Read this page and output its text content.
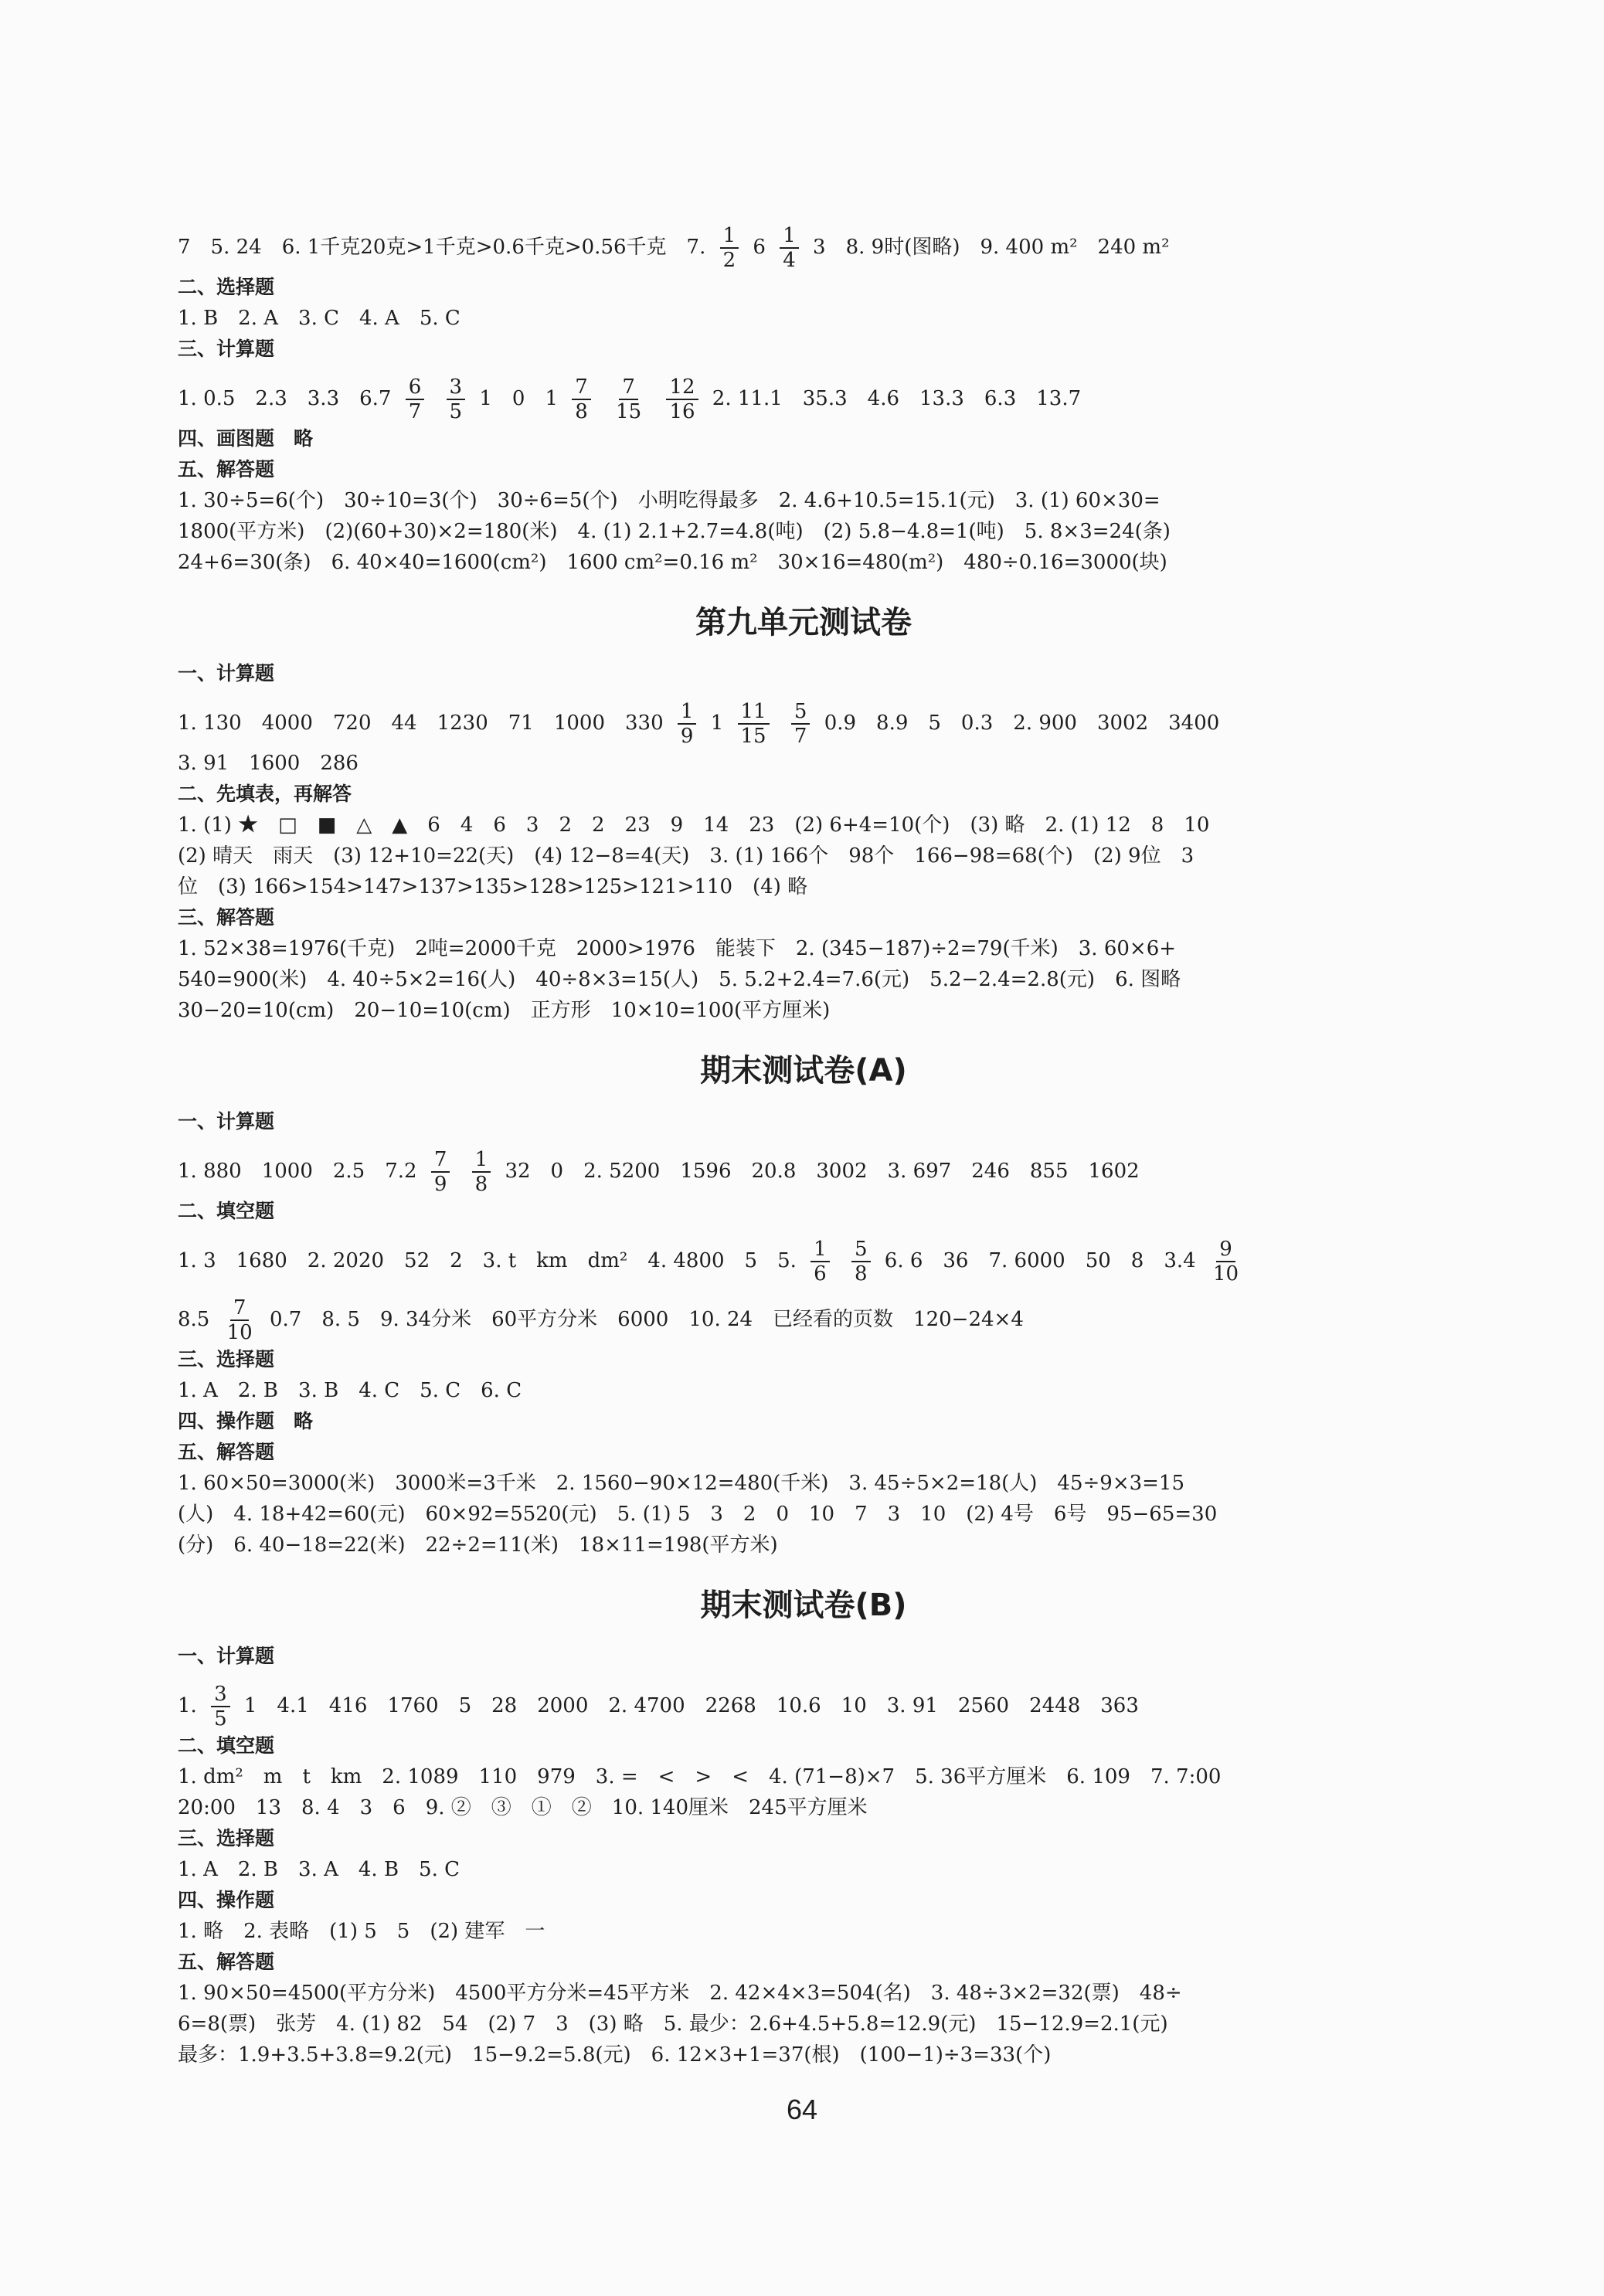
7　5. 24　6. 1千克20克>1千克>0.6千克>0.56千克　7. $\frac{1}{2} 6 \frac{1}{4} 3$　8. 9时(图略)　9. 400 m²　240 m²
二、选择题
1. B　2. A　3. C　4. A　5. C
三、计算题
1. 0.5　2.3　3.3　$6.7 \frac{6}{7}$
$\frac{3}{5} 1$　0　$1 \frac{7}{8}$
$\frac{7}{15}$
$\frac{12}{16} 2$. 11.1　35.3　4.6　13.3　6.3　13.7
四、画图题　略
五、解答题
1. 30÷5=6(个)　30÷10=3(个)　30÷6=5(个)　小明吃得最多　2. 4.6+10.5=15.1(元)　3. (1) 60×30=
1800(平方米)　(2)(60+30)×2=180(米)　4. (1) 2.1+2.7=4.8(吨)　(2) 5.8−4.8=1(吨)　5. 8×3=24(条)
24+6=30(条)　6. 40×40=1600(cm²)　1600 cm²=0.16 m²　30×16=480(m²)　480÷0.16=3000(块)
第九单元测试卷
一、计算题
1. 130　4000　720　44　1230　71　1000　$330 \frac{1}{9} 1 \frac{11}{15}$
$\frac{5}{7} 0.9$　8.9　5　0.3　2. 900　3002　3400
3. 91　1600　286
二、先填表，再解答
1. (1) ★　□　■　△　▲　6　4　6　3　2　2　23　9　14　23　(2) 6+4=10(个)　(3) 略　2. (1) 12　8　10
(2) 晴天　雨天　(3) 12+10=22(天)　(4) 12−8=4(天)　3. (1) 166个　98个　166−98=68(个)　(2) 9位　3
位　(3) 166>154>147>137>135>128>125>121>110　(4) 略
三、解答题
1. 52×38=1976(千克)　2吨=2000千克　2000>1976　能装下　2. (345−187)÷2=79(千米)　3. 60×6+
540=900(米)　4. 40÷5×2=16(人)　40÷8×3=15(人)　5. 5.2+2.4=7.6(元)　5.2−2.4=2.8(元)　6. 图略
30−20=10(cm)　20−10=10(cm)　正方形　10×10=100(平方厘米)
期末测试卷(A)
一、计算题
1. 880　1000　2.5　$7.2 \frac{7}{9}$
$\frac{1}{8} 32$　0　2. 5200　1596　20.8　3002　3. 697　246　855　1602
二、填空题
1. 3　1680　2. 2020　52　2　3. t　km　dm²　4. 4800　5　5. $\frac{1}{6}$
$\frac{5}{8} 6$. 6　36　7. 6000　50　8　$3.4 \frac{9}{10}$
$8.5 \frac{7}{10} 0.7$　8. 5　9. 34分米　60平方分米　6000　10. 24　已经看的页数　120−24×4
三、选择题
1. A　2. B　3. B　4. C　5. C　6. C
四、操作题　略
五、解答题
1. 60×50=3000(米)　3000米=3千米　2. 1560−90×12=480(千米)　3. 45÷5×2=18(人)　45÷9×3=15
(人)　4. 18+42=60(元)　60×92=5520(元)　5. (1) 5　3　2　0　10　7　3　10　(2) 4号　6号　95−65=30
(分)　6. 40−18=22(米)　22÷2=11(米)　18×11=198(平方米)
期末测试卷(B)
一、计算题
1. $\frac{3}{5} 1$　4.1　416　1760　5　28　2000　2. 4700　2268　10.6　10　3. 91　2560　2448　363
二、填空题
1. dm²　m　t　km　2. 1089　110　979　3. =　<　>　<　4. (71−8)×7　5. 36平方厘米　6. 109　7. 7:00
20:00　13　8. 4　3　6　9. ②　③　①　②　10. 140厘米　245平方厘米
三、选择题
1. A　2. B　3. A　4. B　5. C
四、操作题
1. 略　2. 表略　(1) 5　5　(2) 建军　一
五、解答题
1. 90×50=4500(平方分米)　4500平方分米=45平方米　2. 42×4×3=504(名)　3. 48÷3×2=32(票)　48÷
6=8(票)　张芳　4. (1) 82　54　(2) 7　3　(3) 略　5. 最少：2.6+4.5+5.8=12.9(元)　15−12.9=2.1(元)
最多：1.9+3.5+3.8=9.2(元)　15−9.2=5.8(元)　6. 12×3+1=37(根)　(100−1)÷3=33(个)
64
